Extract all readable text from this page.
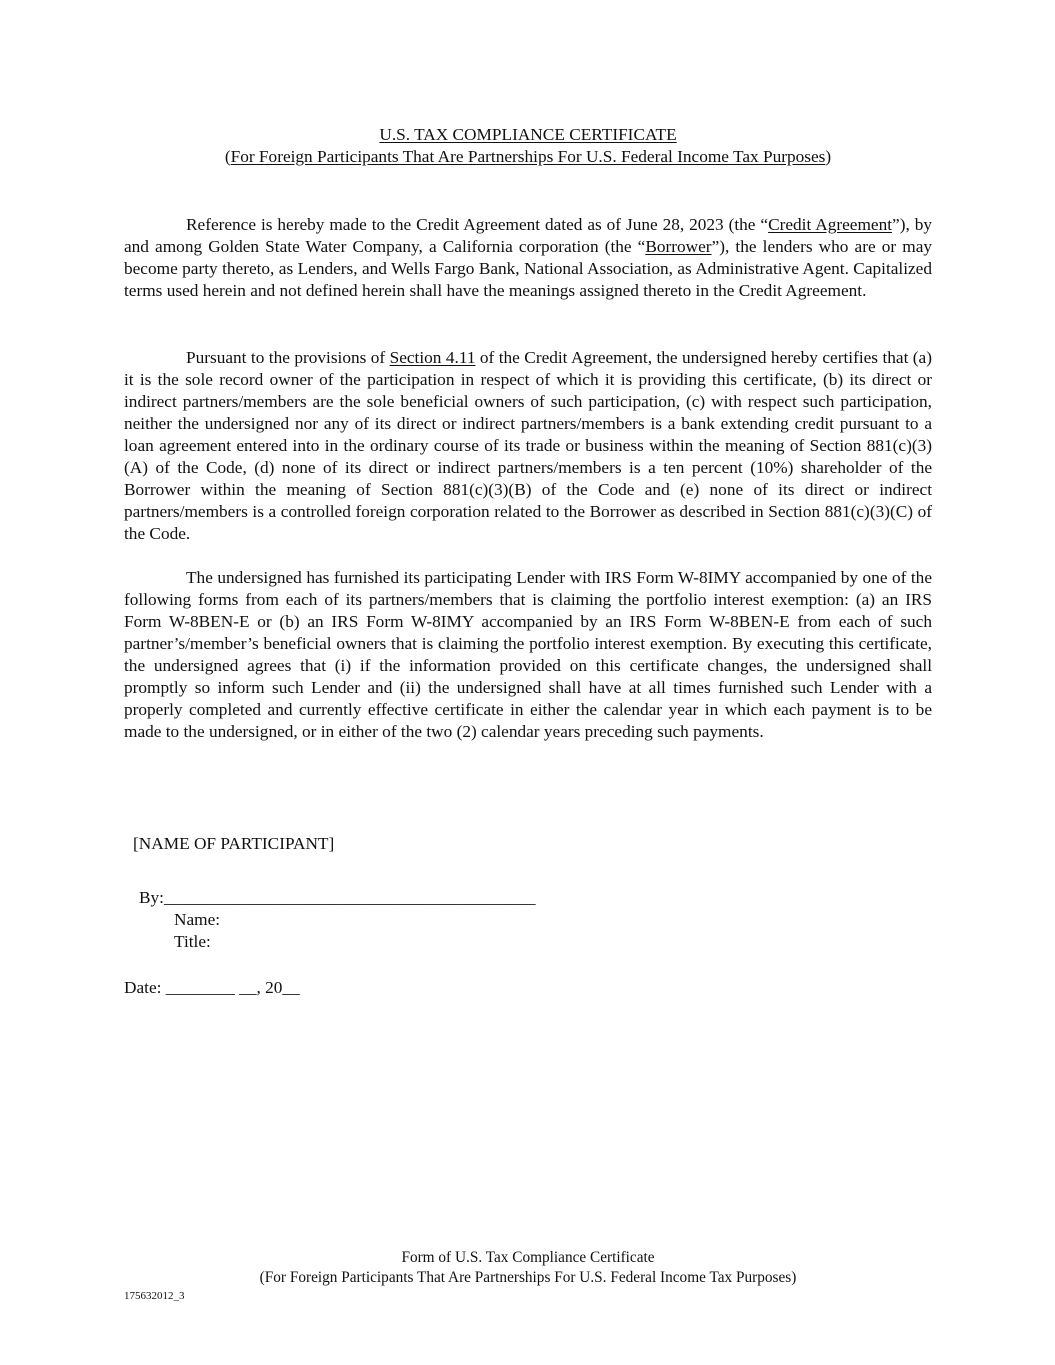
U.S. TAX COMPLIANCE CERTIFICATE
(For Foreign Participants That Are Partnerships For U.S. Federal Income Tax Purposes)

Reference is hereby made to the Credit Agreement dated as of June 28, 2023 (the “Credit Agreement”), by and among Golden State Water Company, a California corporation (the “Borrower”), the lenders who are or may become party thereto, as Lenders, and Wells Fargo Bank, National Association, as Administrative Agent. Capitalized terms used herein and not defined herein shall have the meanings assigned thereto in the Credit Agreement.

Pursuant to the provisions of Section 4.11 of the Credit Agreement, the undersigned hereby certifies that (a) it is the sole record owner of the participation in respect of which it is providing this certificate, (b) its direct or indirect partners/members are the sole beneficial owners of such participation, (c) with respect such participation, neither the undersigned nor any of its direct or indirect partners/members is a bank extending credit pursuant to a loan agreement entered into in the ordinary course of its trade or business within the meaning of Section 881(c)(3)(A) of the Code, (d) none of its direct or indirect partners/members is a ten percent (10%) shareholder of the Borrower within the meaning of Section 881(c)(3)(B) of the Code and (e) none of its direct or indirect partners/members is a controlled foreign corporation related to the Borrower as described in Section 881(c)(3)(C) of the Code.

The undersigned has furnished its participating Lender with IRS Form W-8IMY accompanied by one of the following forms from each of its partners/members that is claiming the portfolio interest exemption: (a) an IRS Form W-8BEN-E or (b) an IRS Form W-8IMY accompanied by an IRS Form W-8BEN-E from each of such partner’s/member’s beneficial owners that is claiming the portfolio interest exemption. By executing this certificate, the undersigned agrees that (i) if the information provided on this certificate changes, the undersigned shall promptly so inform such Lender and (ii) the undersigned shall have at all times furnished such Lender with a properly completed and currently effective certificate in either the calendar year in which each payment is to be made to the undersigned, or in either of the two (2) calendar years preceding such payments.

[NAME OF PARTICIPANT]
By:___________________________________________
Name:
Title:
Date: ________ __, 20__
Form of U.S. Tax Compliance Certificate
(For Foreign Participants That Are Partnerships For U.S. Federal Income Tax Purposes)
175632012_3
